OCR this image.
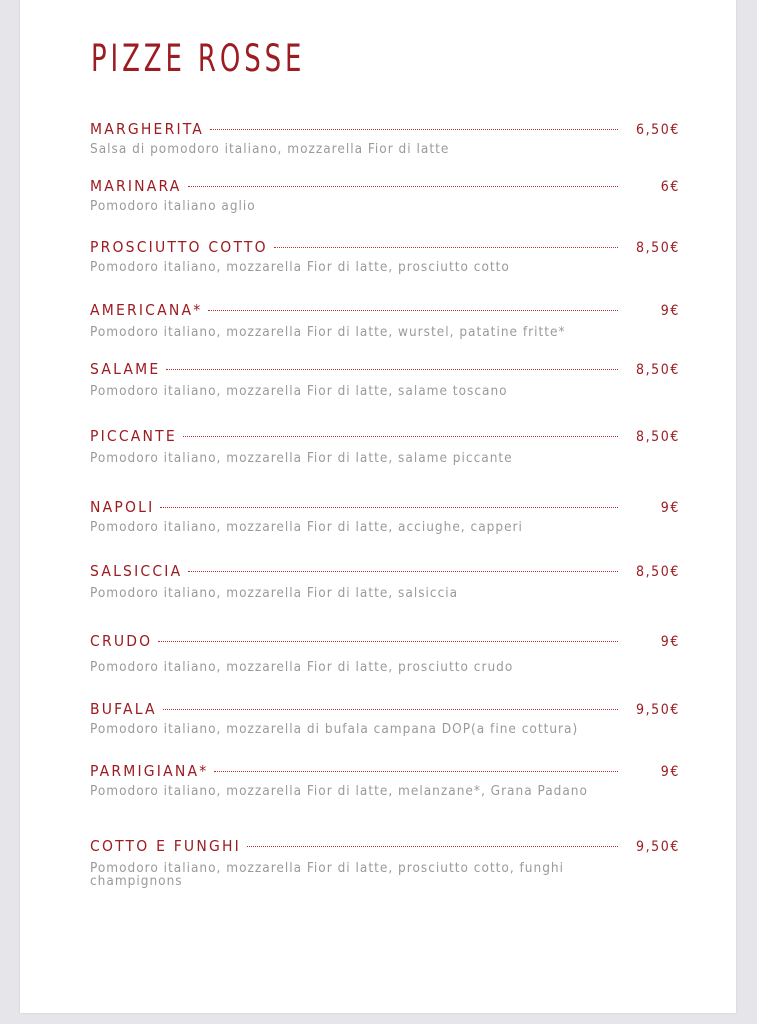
PIZZE ROSSE
MARGHERITA	6,50€
Salsa di pomodoro italiano, mozzarella Fior di latte
MARINARA	6€
Pomodoro italiano aglio
PROSCIUTTO COTTO	8,50€
Pomodoro italiano, mozzarella Fior di latte, prosciutto cotto
AMERICANA*	9€
Pomodoro italiano, mozzarella Fior di latte, wurstel, patatine fritte*
SALAME	8,50€
Pomodoro italiano, mozzarella Fior di latte, salame toscano
PICCANTE	8,50€
Pomodoro italiano, mozzarella Fior di latte, salame piccante
NAPOLI	9€
Pomodoro italiano, mozzarella Fior di latte, acciughe, capperi
SALSICCIA	8,50€
Pomodoro italiano, mozzarella Fior di latte, salsiccia
CRUDO	9€
Pomodoro italiano, mozzarella Fior di latte, prosciutto crudo
BUFALA	9,50€
Pomodoro italiano, mozzarella di bufala campana DOP(a fine cottura)
PARMIGIANA*	9€
Pomodoro italiano, mozzarella Fior di latte, melanzane*, Grana Padano
COTTO E FUNGHI	9,50€
Pomodoro italiano, mozzarella Fior di latte, prosciutto cotto, funghi champignons
